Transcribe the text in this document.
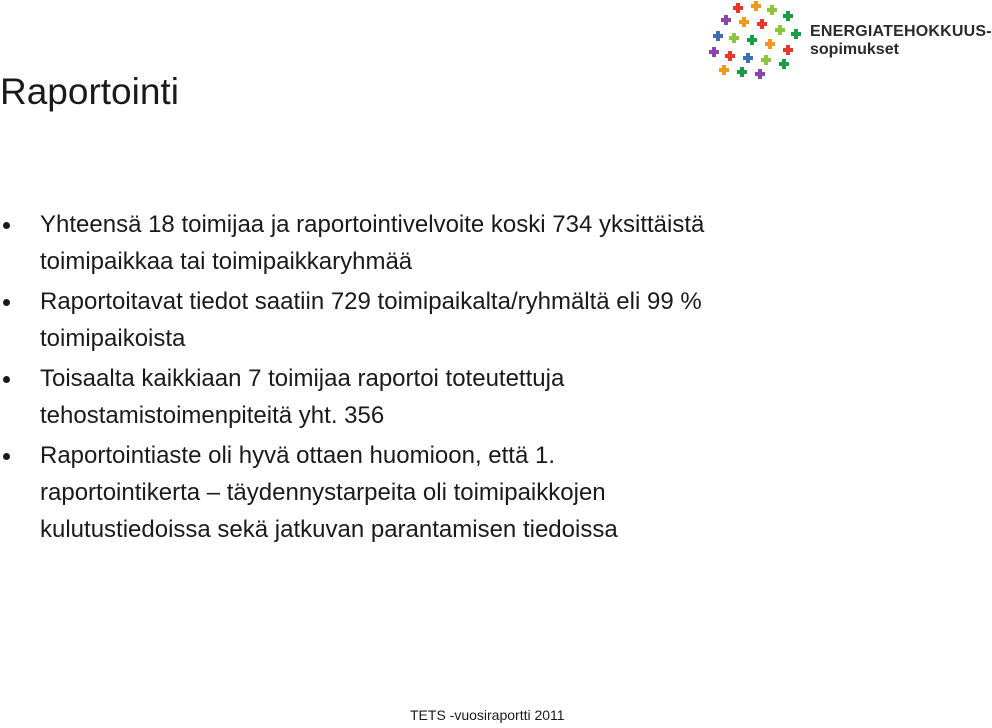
ENERGIATEHOKKUUS-
sopimukset
Raportointi
Yhteensä 18 toimijaa ja raportointivelvoite koski 734 yksittäistä
toimipaikkaa tai toimipaikkaryhmää
Raportoitavat tiedot saatiin 729 toimipaikalta/ryhmältä eli 99 %
toimipaikoista
Toisaalta kaikkiaan 7 toimijaa raportoi toteutettuja
tehostamistoimenpiteitä yht. 356
Raportointiaste oli hyvä ottaen huomioon, että 1.
raportointikerta – täydennystarpeita oli toimipaikkojen
kulutustiedoissa sekä jatkuvan parantamisen tiedoissa
TETS -vuosiraportti 2011
